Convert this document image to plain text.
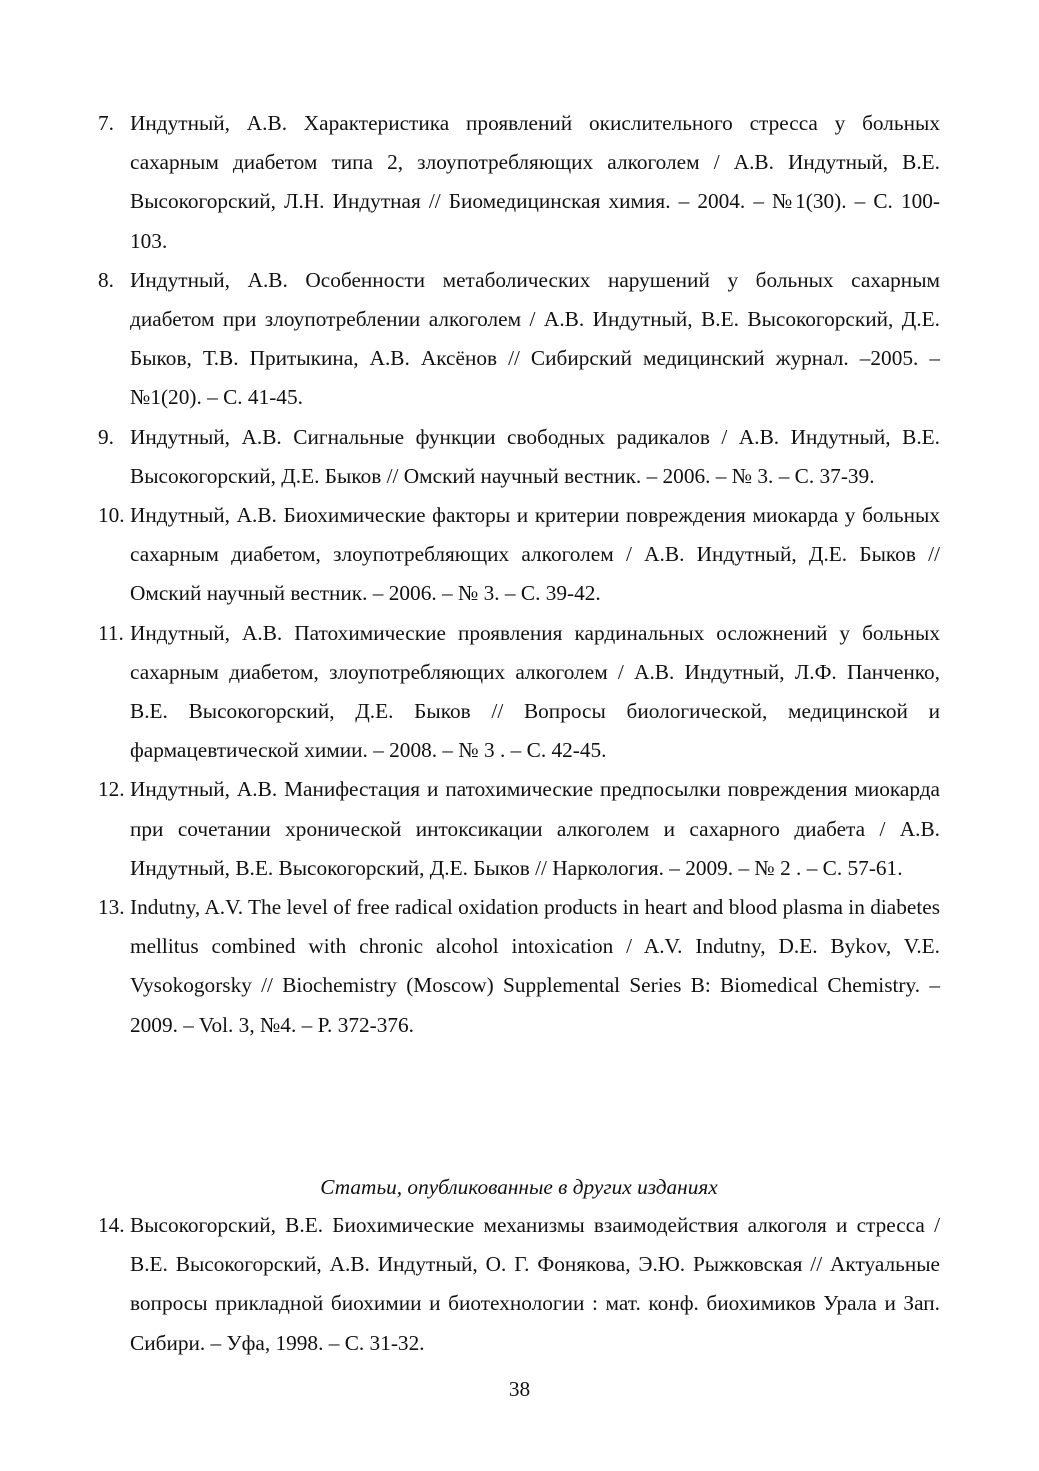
7. Индутный, А.В. Характеристика проявлений окислительного стресса у больных сахарным диабетом типа 2, злоупотребляющих алкоголем / А.В. Индутный, В.Е. Высокогорский, Л.Н. Индутная // Биомедицинская химия. – 2004. – №1(30). – С. 100-103.
8. Индутный, А.В. Особенности метаболических нарушений у больных сахарным диабетом при злоупотреблении алкоголем / А.В. Индутный, В.Е. Высокогорский, Д.Е. Быков, Т.В. Притыкина, А.В. Аксёнов // Сибирский медицинский журнал. –2005. – №1(20). – С. 41-45.
9. Индутный, А.В. Сигнальные функции свободных радикалов / А.В. Индутный, В.Е. Высокогорский, Д.Е. Быков // Омский научный вестник. – 2006. – № 3. – С. 37-39.
10. Индутный, А.В. Биохимические факторы и критерии повреждения миокарда у больных сахарным диабетом, злоупотребляющих алкоголем / А.В. Индутный, Д.Е. Быков // Омский научный вестник. – 2006. – № 3. – С. 39-42.
11. Индутный, А.В. Патохимические проявления кардинальных осложнений у больных сахарным диабетом, злоупотребляющих алкоголем / А.В. Индутный, Л.Ф. Панченко, В.Е. Высокогорский, Д.Е. Быков // Вопросы биологической, медицинской и фармацевтической химии. – 2008. – № 3 . – С. 42-45.
12. Индутный, А.В. Манифестация и патохимические предпосылки повреждения миокарда при сочетании хронической интоксикации алкоголем и сахарного диабета / А.В. Индутный, В.Е. Высокогорский, Д.Е. Быков // Наркология. – 2009. – № 2 . – С. 57-61.
13. Indutny, A.V. The level of free radical oxidation products in heart and blood plasma in diabetes mellitus combined with chronic alcohol intoxication / A.V. Indutny, D.E. Bykov, V.E. Vysokogorsky // Biochemistry (Moscow) Supplemental Series B: Biomedical Chemistry. – 2009. – Vol. 3, №4. – P. 372-376.

Статьи, опубликованные в других изданиях

14. Высокогорский, В.Е. Биохимические механизмы взаимодействия алкоголя и стресса / В.Е. Высокогорский, А.В. Индутный, О. Г. Фонякова, Э.Ю. Рыжковская // Актуальные вопросы прикладной биохимии и биотехнологии : мат. конф. биохимиков Урала и Зап. Сибири. – Уфа, 1998. – С. 31-32.
38
